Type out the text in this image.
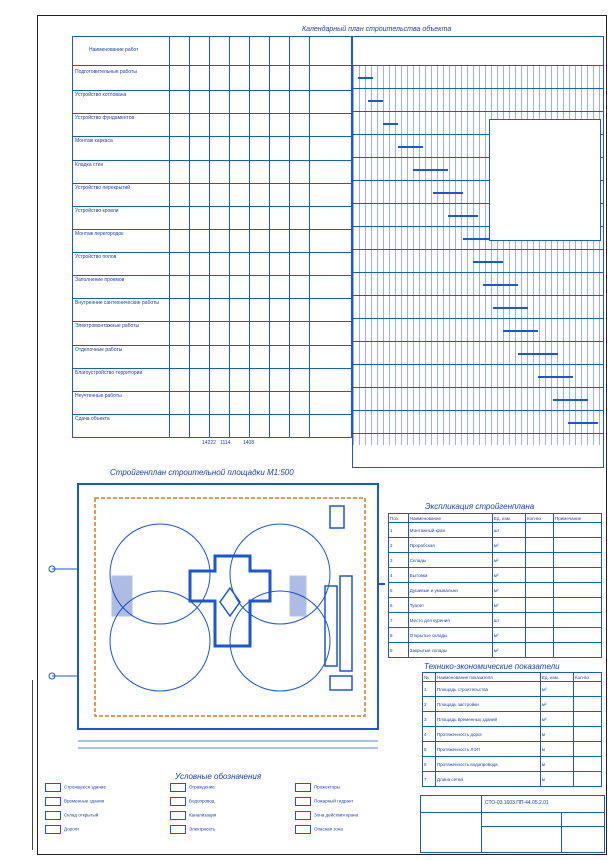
Календарный план строительства объекта
Наименование работ
Подготовительные работы
Устройство котлована
Устройство фундаментов
Монтаж каркаса
Кладка стен
Устройство перекрытий
Устройство кровли
Монтаж перегородок
Устройство полов
Заполнение проемов
Внутренние сантехнические работы
Электромонтажные работы
Отделочные работы
Благоустройство территории
Неучтенные работы
Сдача объекта
14222 1114	1408
Стройгенплан строительной площадки М1:500
Экспликация стройгенплана
Поз.	Наименование	Ед. изм.	Кол-во	Примечание
1	Монтажный кран	шт		
2	Прорабская	м²		
3	Склады	м²		
4	Бытовки	м²		
5	Душевые и умывальни	м²		
6	Туалет	м²		
7	Место для курения	шт		
8	Открытые склады	м²		
9	Закрытые склады	м²		
Технико-экономические показатели
№	Наименование показателя	Ед. изм.	Кол-во
1	Площадь строительства	м²	
2	Площадь застройки	м²	
3	Площадь временных зданий	м²	
4	Протяженность дорог	м	
5	Протяженность ЛЭП	м	
6	Протяженность водопровода	м	
7	Длина сетей	м	
Условные обозначения
Строящееся здание
Временные здания
Склад открытый
Дороги
Ограждение
Водопровод
Канализация
Электросеть
Прожекторы
Пожарный гидрант
Зона действия крана
Опасная зона
СТО-03.1603.ПП-44.05.2.01
